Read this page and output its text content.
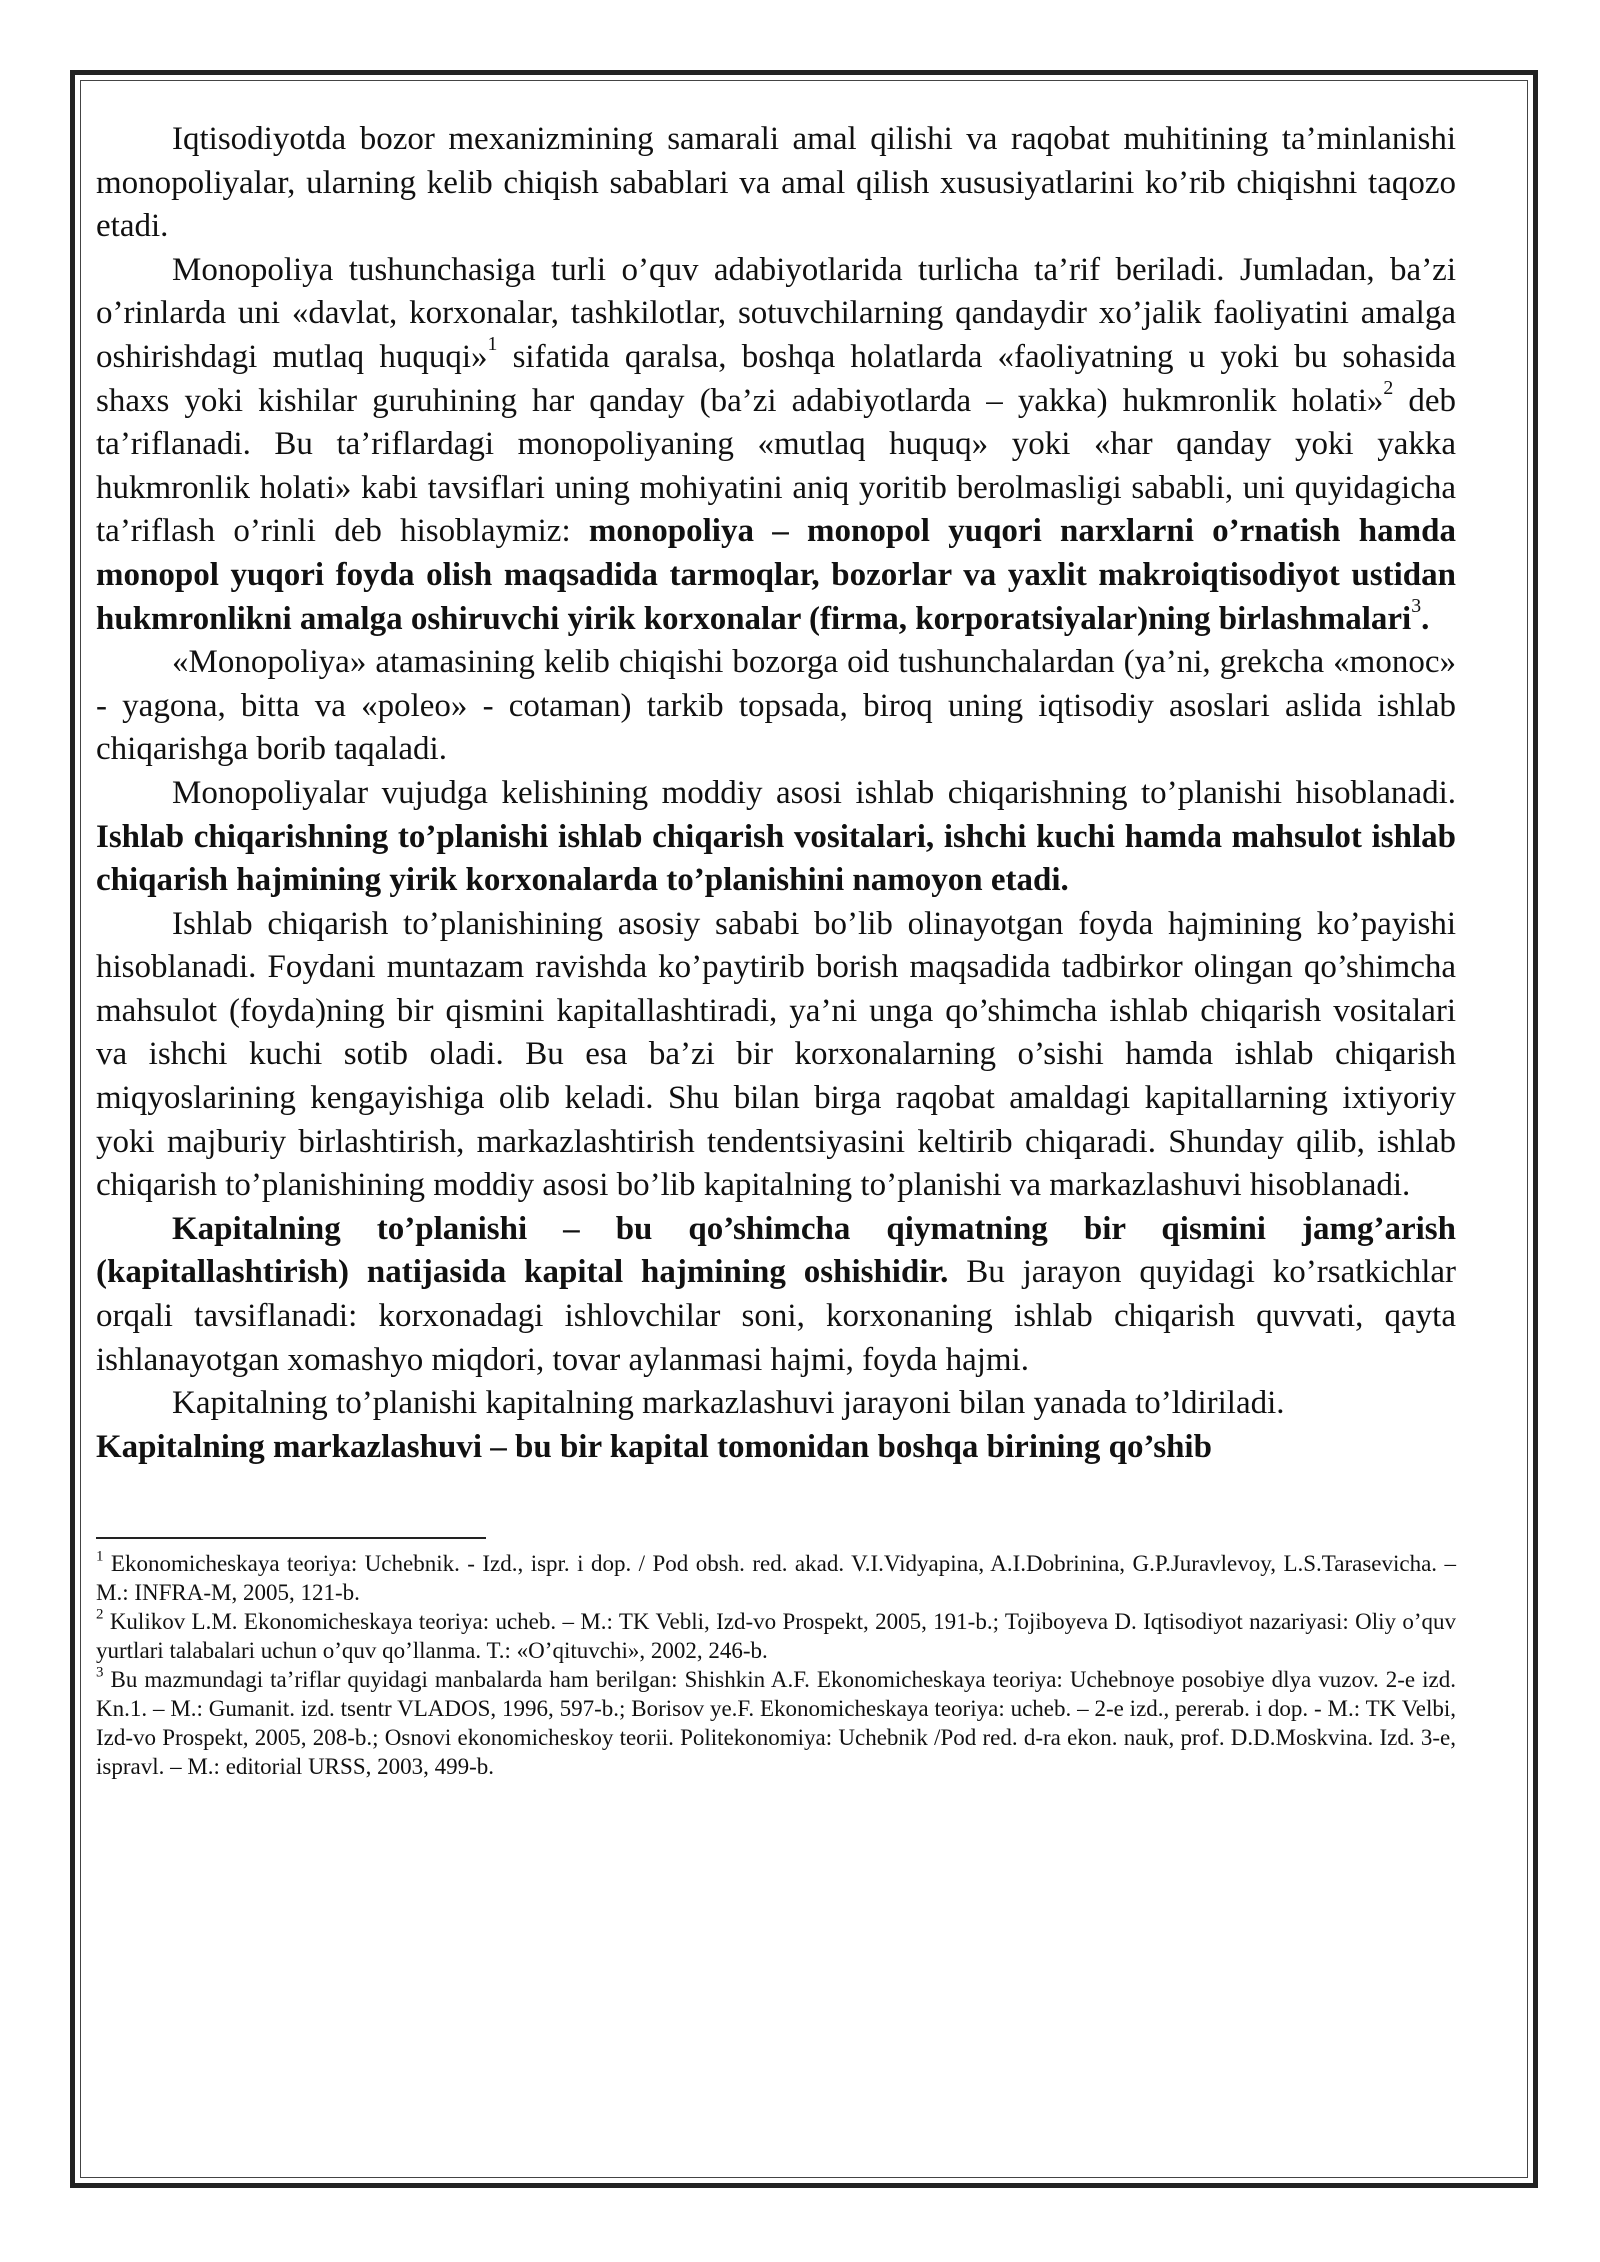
Iqtisodiyotda bozor mexanizmining samarali amal qilishi va raqobat muhitining ta’minlanishi monopoliyalar, ularning kelib chiqish sabablari va amal qilish xususiyatlarini ko’rib chiqishni taqozo etadi.

Monopoliya tushunchasiga turli o’quv adabiyotlarida turlicha ta’rif beriladi. Jumladan, ba’zi o’rinlarda uni «davlat, korxonalar, tashkilotlar, sotuvchilarning qandaydir xo’jalik faoliyatini amalga oshirishdagi mutlaq huquqi»$^1$ sifatida qaralsa, boshqa holatlarda «faoliyatning u yoki bu sohasida shaxs yoki kishilar guruhining har qanday (ba’zi adabiyotlarda – yakka) hukmronlik holati»$^2$ deb ta’riflanadi. Bu ta’riflardagi monopoliyaning «mutlaq huquq» yoki «har qanday yoki yakka hukmronlik holati» kabi tavsiflari uning mohiyatini aniq yoritib berolmasligi sababli, uni quyidagicha ta’riflash o’rinli deb hisoblaymiz: monopoliya – monopol yuqori narxlarni o’rnatish hamda monopol yuqori foyda olish maqsadida tarmoqlar, bozorlar va yaxlit makroiqtisodiyot ustidan hukmronlikni amalga oshiruvchi yirik korxonalar (firma, korporatsiyalar)ning birlashmalari$^3$.

«Monopoliya» atamasining kelib chiqishi bozorga oid tushunchalardan (ya’ni, grekcha «monoc» - yagona, bitta va «poleo» - cotaman) tarkib topsada, biroq uning iqtisodiy asoslari aslida ishlab chiqarishga borib taqaladi.

Monopoliyalar vujudga kelishining moddiy asosi ishlab chiqarishning to’planishi hisoblanadi. Ishlab chiqarishning to’planishi ishlab chiqarish vositalari, ishchi kuchi hamda mahsulot ishlab chiqarish hajmining yirik korxonalarda to’planishini namoyon etadi.

Ishlab chiqarish to’planishining asosiy sababi bo’lib olinayotgan foyda hajmining ko’payishi hisoblanadi. Foydani muntazam ravishda ko’paytirib borish maqsadida tadbirkor olingan qo’shimcha mahsulot (foyda)ning bir qismini kapitallashtiradi, ya’ni unga qo’shimcha ishlab chiqarish vositalari va ishchi kuchi sotib oladi. Bu esa ba’zi bir korxonalarning o’sishi hamda ishlab chiqarish miqyoslarining kengayishiga olib keladi. Shu bilan birga raqobat amaldagi kapitallarning ixtiyoriy yoki majburiy birlashtirish, markazlashtirish tendentsiyasini keltirib chiqaradi. Shunday qilib, ishlab chiqarish to’planishining moddiy asosi bo’lib kapitalning to’planishi va markazlashuvi hisoblanadi.

Kapitalning to’planishi – bu qo’shimcha qiymatning bir qismini jamg’arish (kapitallashtirish) natijasida kapital hajmining oshishidir. Bu jarayon quyidagi ko’rsatkichlar orqali tavsiflanadi: korxonadagi ishlovchilar soni, korxonaning ishlab chiqarish quvvati, qayta ishlanayotgan xomashyo miqdori, tovar aylanmasi hajmi, foyda hajmi.

Kapitalning to’planishi kapitalning markazlashuvi jarayoni bilan yanada to’ldiriladi.

Kapitalning markazlashuvi – bu bir kapital tomonidan boshqa birining qo’shib

$^1$ Ekonomicheskaya teoriya: Uchebnik. - Izd., ispr. i dop. / Pod obsh. red. akad. V.I.Vidyapina, A.I.Dobrinina, G.P.Juravlevoy, L.S.Tarasevicha. – M.: INFRA-M, 2005, 121-b.

$^2$ Kulikov L.M. Ekonomicheskaya teoriya: ucheb. – M.: TK Vebli, Izd-vo Prospekt, 2005, 191-b.; Tojiboyeva D. Iqtisodiyot nazariyasi: Oliy o’quv yurtlari talabalari uchun o’quv qo’llanma. T.: «O’qituvchi», 2002, 246-b.

$^3$ Bu mazmundagi ta’riflar quyidagi manbalarda ham berilgan: Shishkin A.F. Ekonomicheskaya teoriya: Uchebnoye posobiye dlya vuzov. 2-e izd. Kn.1. – M.: Gumanit. izd. tsentr VLADOS, 1996, 597-b.; Borisov ye.F. Ekonomicheskaya teoriya: ucheb. – 2-e izd., pererab. i dop. - M.: TK Velbi, Izd-vo Prospekt, 2005, 208-b.; Osnovi ekonomicheskoy teorii. Politekonomiya: Uchebnik /Pod red. d-ra ekon. nauk, prof. D.D.Moskvina. Izd. 3-e, ispravl. – M.: editorial URSS, 2003, 499-b.
